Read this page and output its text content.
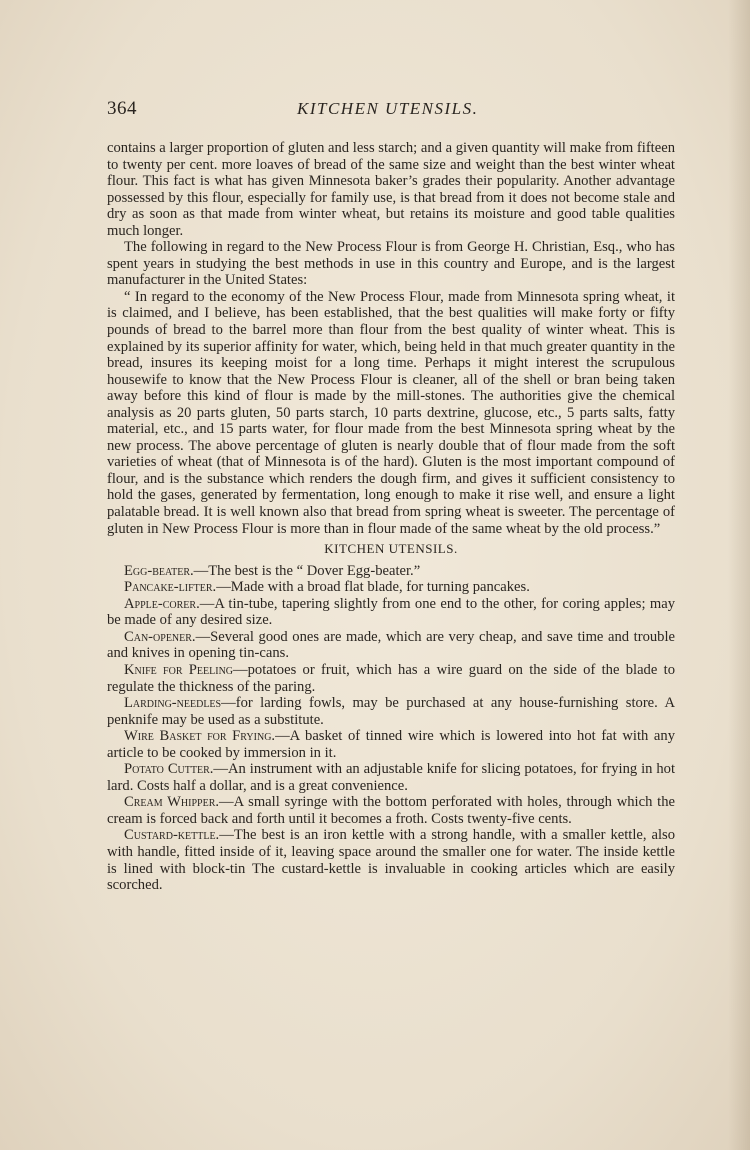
364	KITCHEN UTENSILS.

contains a larger proportion of gluten and less starch; and a given quantity will make from fifteen to twenty per cent. more loaves of bread of the same size and weight than the best winter wheat flour. This fact is what has given Minnesota baker’s grades their popularity. Another advantage possessed by this flour, especially for family use, is that bread from it does not become stale and dry as soon as that made from winter wheat, but retains its moisture and good table qualities much longer.

The following in regard to the New Process Flour is from George H. Christian, Esq., who has spent years in studying the best methods in use in this country and Europe, and is the largest manufacturer in the United States:

“ In regard to the economy of the New Process Flour, made from Minnesota spring wheat, it is claimed, and I believe, has been established, that the best qualities will make forty or fifty pounds of bread to the barrel more than flour from the best quality of winter wheat. This is explained by its superior affinity for water, which, being held in that much greater quantity in the bread, insures its keeping moist for a long time. Perhaps it might interest the scrupulous housewife to know that the New Process Flour is cleaner, all of the shell or bran being taken away before this kind of flour is made by the mill-stones. The authorities give the chemical analysis as 20 parts gluten, 50 parts starch, 10 parts dextrine, glucose, etc., 5 parts salts, fatty material, etc., and 15 parts water, for flour made from the best Minnesota spring wheat by the new process. The above percentage of gluten is nearly double that of flour made from the soft varieties of wheat (that of Minnesota is of the hard). Gluten is the most important compound of flour, and is the substance which renders the dough firm, and gives it sufficient consistency to hold the gases, generated by fermentation, long enough to make it rise well, and ensure a light palatable bread. It is well known also that bread from spring wheat is sweeter. The percentage of gluten in New Process Flour is more than in flour made of the same wheat by the old process.”

KITCHEN UTENSILS.

Egg-beater.—The best is the “ Dover Egg-beater.”

Pancake-lifter.—Made with a broad flat blade, for turning pancakes.

Apple-corer.—A tin-tube, tapering slightly from one end to the other, for coring apples; may be made of any desired size.

Can-opener.—Several good ones are made, which are very cheap, and save time and trouble and knives in opening tin-cans.

Knife for Peeling—potatoes or fruit, which has a wire guard on the side of the blade to regulate the thickness of the paring.

Larding-needles—for larding fowls, may be purchased at any house-furnishing store. A penknife may be used as a substitute.

Wire Basket for Frying.—A basket of tinned wire which is lowered into hot fat with any article to be cooked by immersion in it.

Potato Cutter.—An instrument with an adjustable knife for slicing potatoes, for frying in hot lard. Costs half a dollar, and is a great convenience.

Cream Whipper.—A small syringe with the bottom perforated with holes, through which the cream is forced back and forth until it becomes a froth. Costs twenty-five cents.

Custard-kettle.—The best is an iron kettle with a strong handle, with a smaller kettle, also with handle, fitted inside of it, leaving space around the smaller one for water. The inside kettle is lined with block-tin The custard-kettle is invaluable in cooking articles which are easily scorched.
